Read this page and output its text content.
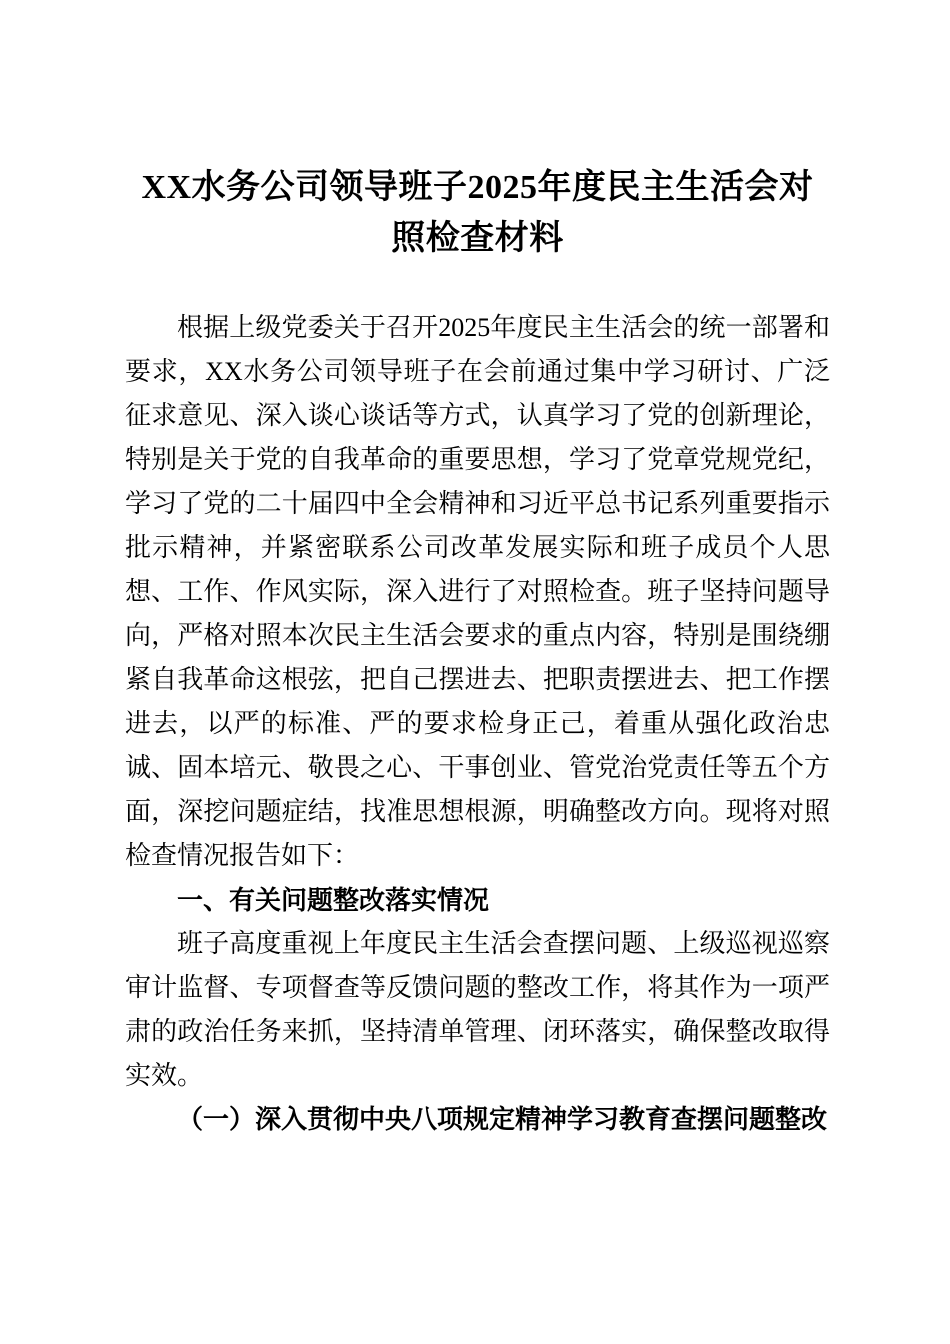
XX水务公司领导班子2025年度民主生活会对照检查材料

根据上级党委关于召开2025年度民主生活会的统一部署和要求，XX水务公司领导班子在会前通过集中学习研讨、广泛征求意见、深入谈心谈话等方式，认真学习了党的创新理论，特别是关于党的自我革命的重要思想，学习了党章党规党纪，学习了党的二十届四中全会精神和习近平总书记系列重要指示批示精神，并紧密联系公司改革发展实际和班子成员个人思想、工作、作风实际，深入进行了对照检查。班子坚持问题导向，严格对照本次民主生活会要求的重点内容，特别是围绕绷紧自我革命这根弦，把自己摆进去、把职责摆进去、把工作摆进去，以严的标准、严的要求检身正己，着重从强化政治忠诚、固本培元、敬畏之心、干事创业、管党治党责任等五个方面，深挖问题症结，找准思想根源，明确整改方向。现将对照检查情况报告如下：

一、有关问题整改落实情况

班子高度重视上年度民主生活会查摆问题、上级巡视巡察审计监督、专项督查等反馈问题的整改工作，将其作为一项严肃的政治任务来抓，坚持清单管理、闭环落实，确保整改取得实效。

（一）深入贯彻中央八项规定精神学习教育查摆问题整改
